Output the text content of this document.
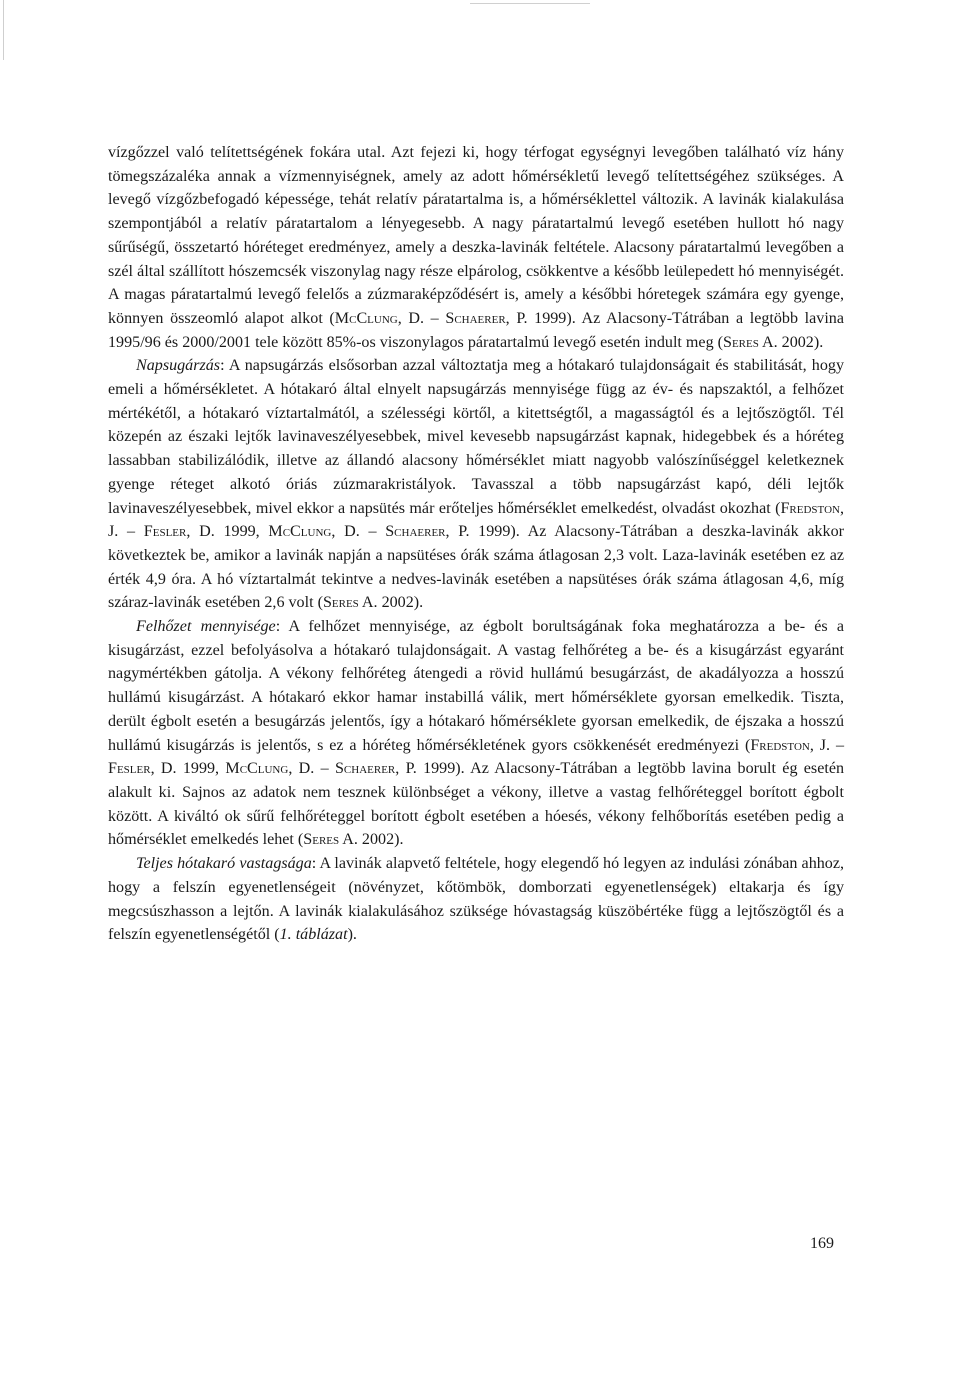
vízgőzzel való telítettségének fokára utal. Azt fejezi ki, hogy térfogat egységnyi levegőben található víz hány tömegszázaléka annak a vízmennyiségnek, amely az adott hőmérsékletű levegő telítettségéhez szükséges. A levegő vízgőzbefogadó képessége, tehát relatív páratartalma is, a hőmérséklettel változik. A lavinák kialakulása szempontjából a relatív páratartalom a lényegesebb. A nagy páratartalmú levegő esetében hullott hó nagy sűrűségű, összetartó hóréteget eredményez, amely a deszka-lavinák feltétele. Alacsony páratartalmú levegőben a szél által szállított hószemcsék viszonylag nagy része elpárolog, csökkentve a később leülepedett hó mennyiségét. A magas páratartalmú levegő felelős a zúzmaraképződésért is, amely a későbbi hóretegek számára egy gyenge, könnyen összeomló alapot alkot (McClung, D. – Schaerer, P. 1999). Az Alacsony-Tátrában a legtöbb lavina 1995/96 és 2000/2001 tele között 85%-os viszonylagos páratartalmú levegő esetén indult meg (Seres A. 2002).

Napsugárzás: A napsugárzás elsősorban azzal változtatja meg a hótakaró tulajdonságait és stabilitását, hogy emeli a hőmérsékletet. A hótakaró által elnyelt napsugárzás mennyisége függ az év- és napszaktól, a felhőzet mértékétől, a hótakaró víztartalmától, a szélességi körtől, a kitettségtől, a magasságtól és a lejtőszögtől. Tél közepén az északi lejtők lavinaveszélyesebbek, mivel kevesebb napsugárzást kapnak, hidegebbek és a hóréteg lassabban stabilizálódik, illetve az állandó alacsony hőmérséklet miatt nagyobb valószínűséggel keletkeznek gyenge réteget alkotó óriás zúzmarakristályok. Tavasszal a több napsugárzást kapó, déli lejtők lavinaveszélyesebbek, mivel ekkor a napsütés már erőteljes hőmérséklet emelkedést, olvadást okozhat (Fredston, J. – Fesler, D. 1999, McClung, D. – Schaerer, P. 1999). Az Alacsony-Tátrában a deszka-lavinák akkor következtek be, amikor a lavinák napján a napsütéses órák száma átlagosan 2,3 volt. Laza-lavinák esetében ez az érték 4,9 óra. A hó víztartalmát tekintve a nedves-lavinák esetében a napsütéses órák száma átlagosan 4,6, míg száraz-lavinák esetében 2,6 volt (Seres A. 2002).

Felhőzet mennyisége: A felhőzet mennyisége, az égbolt borultságának foka meghatározza a be- és a kisugárzást, ezzel befolyásolva a hótakaró tulajdonságait. A vastag felhőréteg a be- és a kisugárzást egyaránt nagymértékben gátolja. A vékony felhőréteg átengedi a rövid hullámú besugárzást, de akadályozza a hosszú hullámú kisugárzást. A hótakaró ekkor hamar instabillá válik, mert hőmérséklete gyorsan emelkedik. Tiszta, derült égbolt esetén a besugárzás jelentős, így a hótakaró hőmérséklete gyorsan emelkedik, de éjszaka a hosszú hullámú kisugárzás is jelentős, s ez a hóréteg hőmérsékletének gyors csökkenését eredményezi (Fredston, J. – Fesler, D. 1999, McClung, D. – Schaerer, P. 1999). Az Alacsony-Tátrában a legtöbb lavina borult ég esetén alakult ki. Sajnos az adatok nem tesznek különbséget a vékony, illetve a vastag felhőréteggel borított égbolt között. A kiváltó ok sűrű felhőréteggel borított égbolt esetében a hóesés, vékony felhőborítás esetében pedig a hőmérséklet emelkedés lehet (Seres A. 2002).

Teljes hótakaró vastagsága: A lavinák alapvető feltétele, hogy elegendő hó legyen az indulási zónában ahhoz, hogy a felszín egyenetlenségeit (növényzet, kőtömbök, domborzati egyenetlenségek) eltakarja és így megcsúszhasson a lejtőn. A lavinák kialakulásához szüksége hóvastagság küszöbértéke függ a lejtőszögtől és a felszín egyenetlenségétől (1. táblázat).

169
